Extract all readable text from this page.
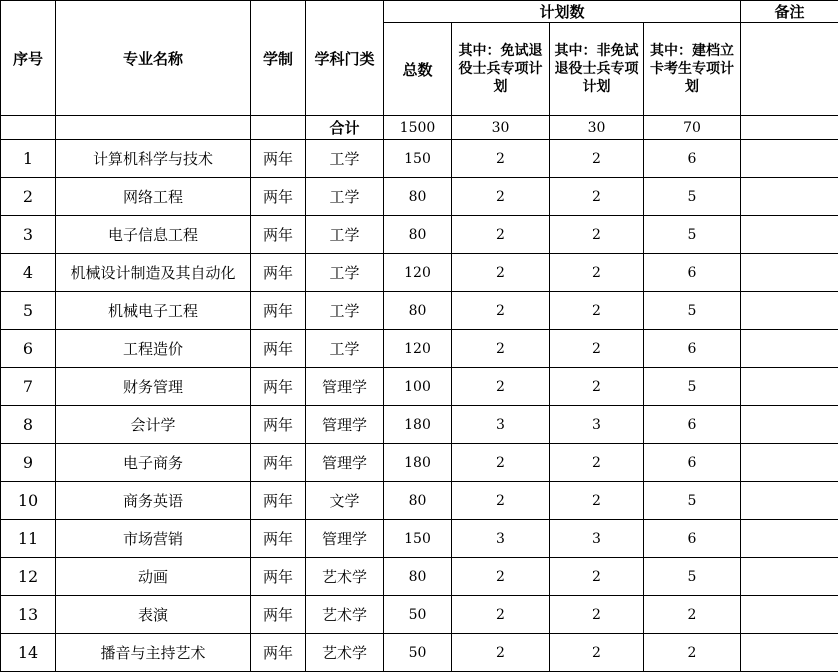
序号	专业名称	学制	学科门类	计划数				备注
				总数	其中：免试退役士兵专项计划	其中：非免试退役士兵专项计划	其中：建档立卡考生专项计划	
			合计	1500	30	30	70	
1	计算机科学与技术	两年	工学	150	2	2	6	
2	网络工程	两年	工学	80	2	2	5	
3	电子信息工程	两年	工学	80	2	2	5	
4	机械设计制造及其自动化	两年	工学	120	2	2	6	
5	机械电子工程	两年	工学	80	2	2	5	
6	工程造价	两年	工学	120	2	2	6	
7	财务管理	两年	管理学	100	2	2	5	
8	会计学	两年	管理学	180	3	3	6	
9	电子商务	两年	管理学	180	2	2	6	
10	商务英语	两年	文学	80	2	2	5	
11	市场营销	两年	管理学	150	3	3	6	
12	动画	两年	艺术学	80	2	2	5	
13	表演	两年	艺术学	50	2	2	2	
14	播音与主持艺术	两年	艺术学	50	2	2	2	
